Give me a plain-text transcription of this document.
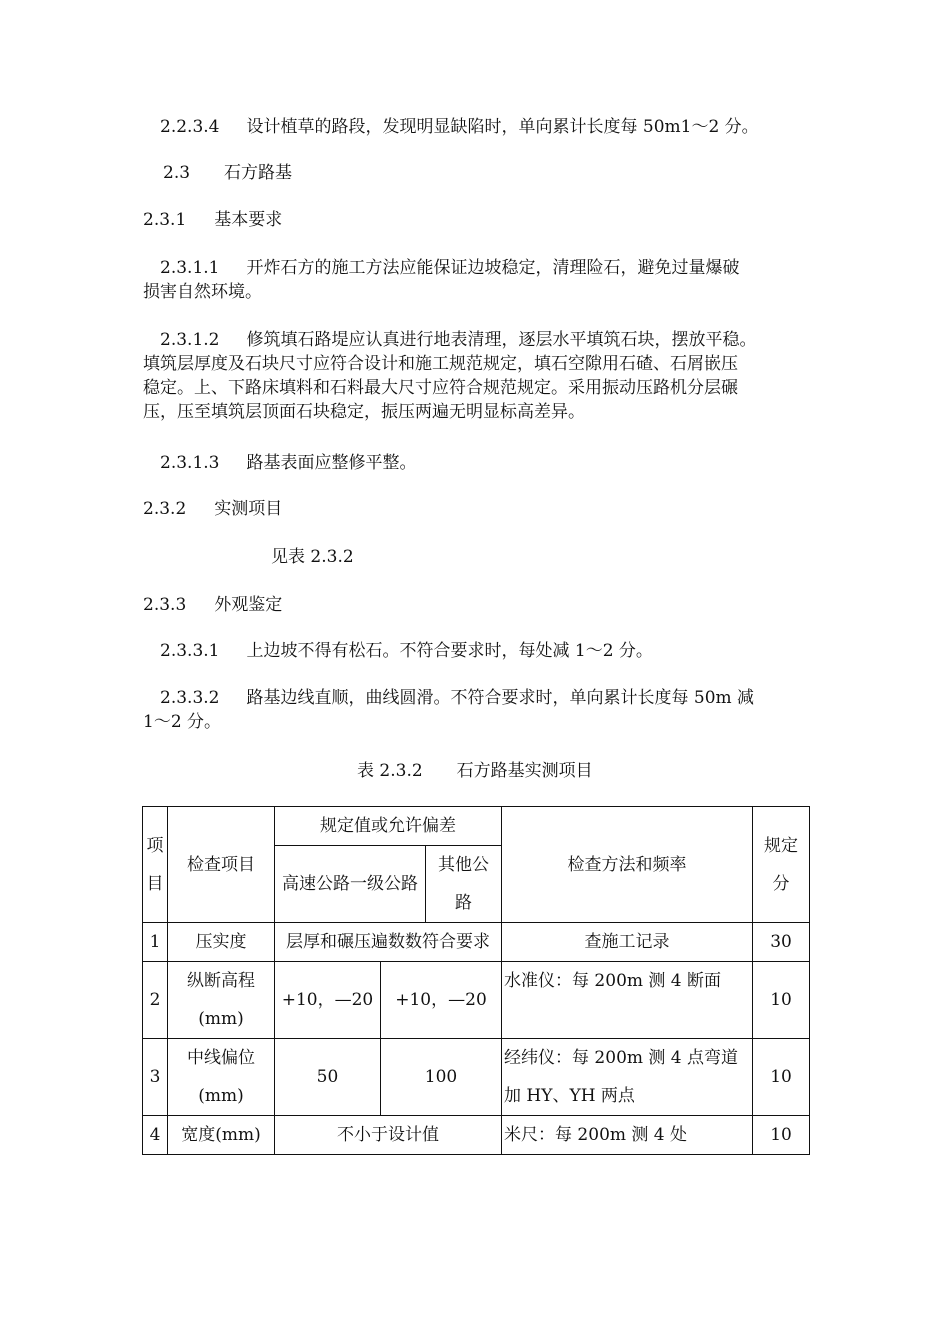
2.2.3.4 设计植草的路段，发现明显缺陷时，单向累计长度每 50m1～2 分。
2.3 石方路基
2.3.1 基本要求
2.3.1.1 开炸石方的施工方法应能保证边坡稳定，清理险石，避免过量爆破
损害自然环境。
2.3.1.2 修筑填石路堤应认真进行地表清理，逐层水平填筑石块，摆放平稳。
填筑层厚度及石块尺寸应符合设计和施工规范规定，填石空隙用石碴、石屑嵌压
稳定。上、下路床填料和石料最大尺寸应符合规范规定。采用振动压路机分层碾
压，压至填筑层顶面石块稳定，振压两遍无明显标高差异。
2.3.1.3 路基表面应整修平整。
2.3.2 实测项目
见表 2.3.2
2.3.3 外观鉴定
2.3.3.1 上边坡不得有松石。不符合要求时，每处减 1～2 分。
2.3.3.2 路基边线直顺，曲线圆滑。不符合要求时，单向累计长度每 50m 减
1～2 分。
表 2.3.2 石方路基实测项目
项目	检查项目	规定值或允许偏差			检查方法和频率	规定分
		高速公路一级公路		其他公路		
1	压实度	层厚和碾压遍数数符合要求			查施工记录	30
2	纵断高程(mm)	+10，—20	+10，—20		水准仪：每 200m 测 4 断面	10
3	中线偏位(mm)	50	100		经纬仪：每 200m 测 4 点弯道加 HY、YH 两点	10
4	宽度(mm)	不小于设计值			米尺：每 200m 测 4 处	10
